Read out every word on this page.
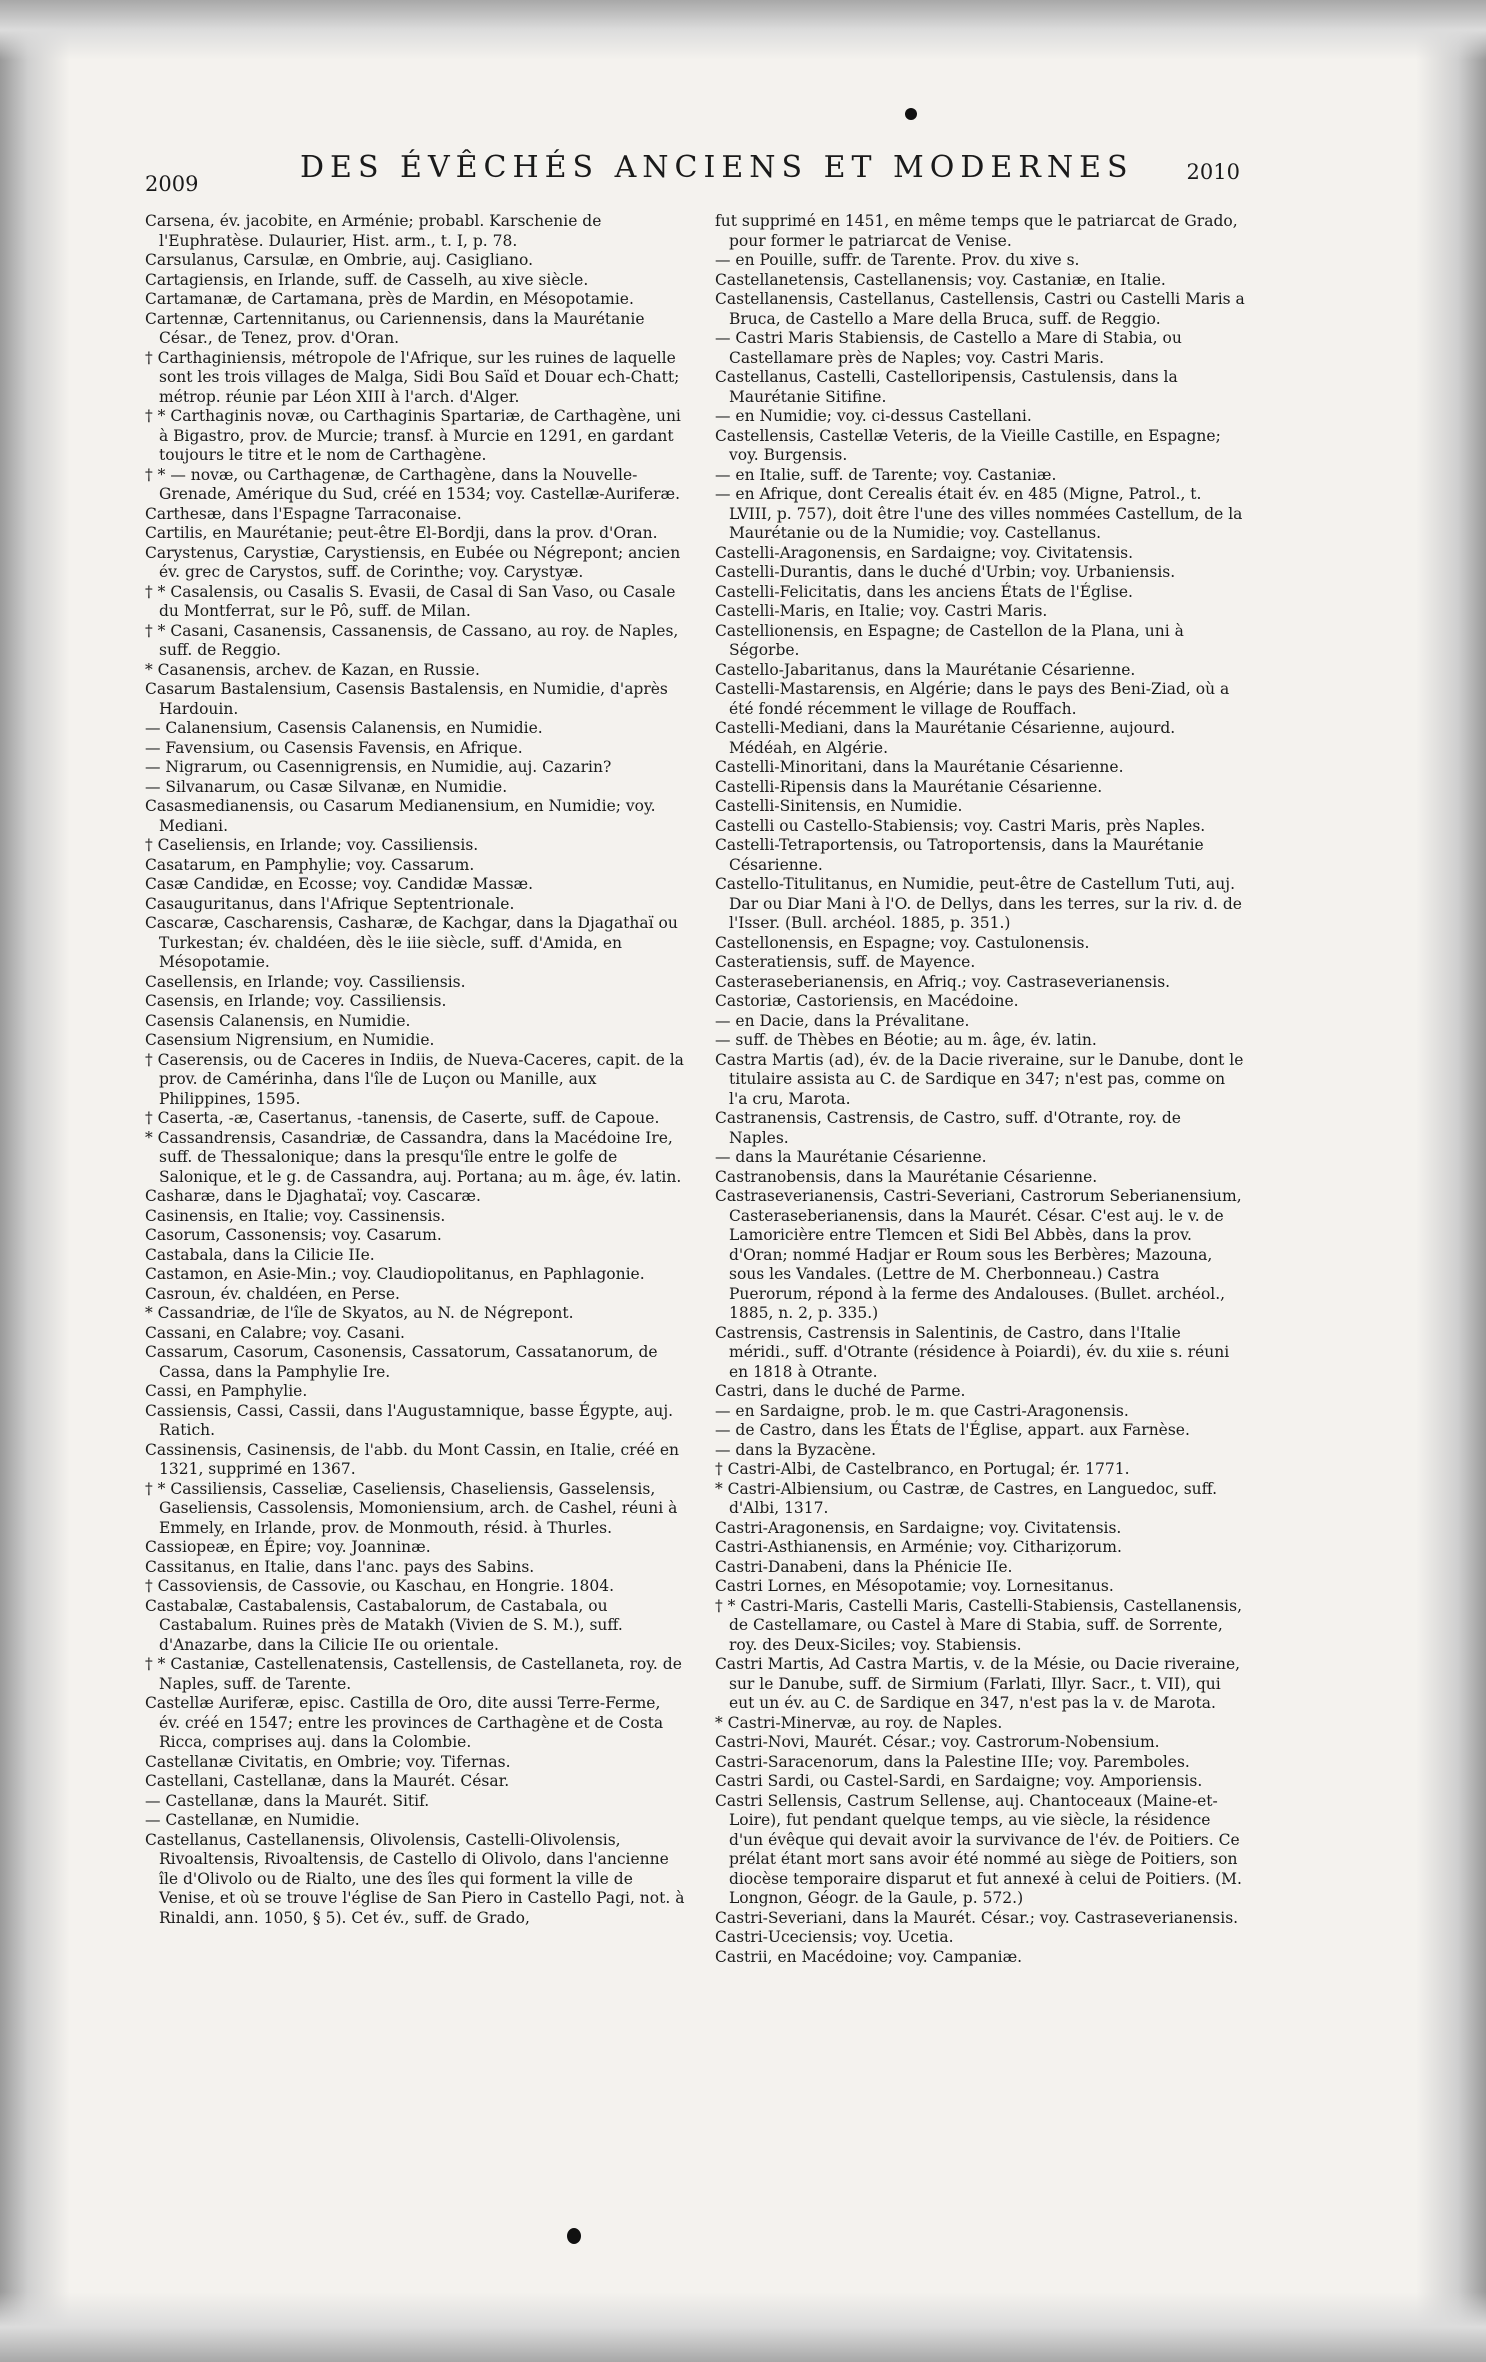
2009	DES ÉVÊCHÉS ANCIENS ET MODERNES	2010

Carsena, év. jacobite, en Arménie; probabl. Karschenie de l'Euphratèse. Dulaurier, Hist. arm., t. I, p. 78.

Carsulanus, Carsulæ, en Ombrie, auj. Casigliano.

Cartagiensis, en Irlande, suff. de Casselh, au xive siècle.

Cartamanæ, de Cartamana, près de Mardin, en Mésopotamie.

Cartennæ, Cartennitanus, ou Cariennensis, dans la Maurétanie César., de Tenez, prov. d'Oran.

† Carthaginiensis, métropole de l'Afrique, sur les ruines de laquelle sont les trois villages de Malga, Sidi Bou Saïd et Douar ech-Chatt; métrop. réunie par Léon XIII à l'arch. d'Alger.

† * Carthaginis novæ, ou Carthaginis Spartariæ, de Carthagène, uni à Bigastro, prov. de Murcie; transf. à Murcie en 1291, en gardant toujours le titre et le nom de Carthagène.

† * — novæ, ou Carthagenæ, de Carthagène, dans la Nouvelle-Grenade, Amérique du Sud, créé en 1534; voy. Castellæ-Auriferæ.

Carthesæ, dans l'Espagne Tarraconaise.

Cartilis, en Maurétanie; peut-être El-Bordji, dans la prov. d'Oran.

Carystenus, Carystiæ, Carystiensis, en Eubée ou Négrepont; ancien év. grec de Carystos, suff. de Corinthe; voy. Carystyæ.

† * Casalensis, ou Casalis S. Evasii, de Casal di San Vaso, ou Casale du Montferrat, sur le Pô, suff. de Milan.

† * Casani, Casanensis, Cassanensis, de Cassano, au roy. de Naples, suff. de Reggio.

* Casanensis, archev. de Kazan, en Russie.

Casarum Bastalensium, Casensis Bastalensis, en Numidie, d'après Hardouin.

— Calanensium, Casensis Calanensis, en Numidie.

— Favensium, ou Casensis Favensis, en Afrique.

— Nigrarum, ou Casennigrensis, en Numidie, auj. Cazarin?

— Silvanarum, ou Casæ Silvanæ, en Numidie.

Casasmedianensis, ou Casarum Medianensium, en Numidie; voy. Mediani.

† Caseliensis, en Irlande; voy. Cassiliensis.

Casatarum, en Pamphylie; voy. Cassarum.

Casæ Candidæ, en Ecosse; voy. Candidæ Massæ.

Casauguritanus, dans l'Afrique Septentrionale.

Cascaræ, Cascharensis, Casharæ, de Kachgar, dans la Djagathaï ou Turkestan; év. chaldéen, dès le iiie siècle, suff. d'Amida, en Mésopotamie.

Casellensis, en Irlande; voy. Cassiliensis.

Casensis, en Irlande; voy. Cassiliensis.

Casensis Calanensis, en Numidie.

Casensium Nigrensium, en Numidie.

† Caserensis, ou de Caceres in Indiis, de Nueva-Caceres, capit. de la prov. de Camérinha, dans l'île de Luçon ou Manille, aux Philippines, 1595.

† Caserta, -æ, Casertanus, -tanensis, de Caserte, suff. de Capoue.

* Cassandrensis, Casandriæ, de Cassandra, dans la Macédoine Ire, suff. de Thessalonique; dans la presqu'île entre le golfe de Salonique, et le g. de Cassandra, auj. Portana; au m. âge, év. latin.

Casharæ, dans le Djaghataï; voy. Cascaræ.

Casinensis, en Italie; voy. Cassinensis.

Casorum, Cassonensis; voy. Casarum.

Castabala, dans la Cilicie IIe.

Castamon, en Asie-Min.; voy. Claudiopolitanus, en Paphlagonie.

Casroun, év. chaldéen, en Perse.

* Cassandriæ, de l'île de Skyatos, au N. de Négrepont.

Cassani, en Calabre; voy. Casani.

Cassarum, Casorum, Casonensis, Cassatorum, Cassatanorum, de Cassa, dans la Pamphylie Ire.

Cassi, en Pamphylie.

Cassiensis, Cassi, Cassii, dans l'Augustamnique, basse Égypte, auj. Ratich.

Cassinensis, Casinensis, de l'abb. du Mont Cassin, en Italie, créé en 1321, supprimé en 1367.

† * Cassiliensis, Casseliæ, Caseliensis, Chaseliensis, Gasselensis, Gaseliensis, Cassolensis, Momoniensium, arch. de Cashel, réuni à Emmely, en Irlande, prov. de Monmouth, résid. à Thurles.

Cassiopeæ, en Épire; voy. Joanninæ.

Cassitanus, en Italie, dans l'anc. pays des Sabins.

† Cassoviensis, de Cassovie, ou Kaschau, en Hongrie. 1804.

Castabalæ, Castabalensis, Castabalorum, de Castabala, ou Castabalum. Ruines près de Matakh (Vivien de S. M.), suff. d'Anazarbe, dans la Cilicie IIe ou orientale.

† * Castaniæ, Castellenatensis, Castellensis, de Castellaneta, roy. de Naples, suff. de Tarente.

Castellæ Auriferæ, episc. Castilla de Oro, dite aussi Terre-Ferme, év. créé en 1547; entre les provinces de Carthagène et de Costa Ricca, comprises auj. dans la Colombie.

Castellanæ Civitatis, en Ombrie; voy. Tifernas.

Castellani, Castellanæ, dans la Maurét. César.

— Castellanæ, dans la Maurét. Sitif.

— Castellanæ, en Numidie.

Castellanus, Castellanensis, Olivolensis, Castelli-Olivolensis, Rivoaltensis, Rivoaltensis, de Castello di Olivolo, dans l'ancienne île d'Olivolo ou de Rialto, une des îles qui forment la ville de Venise, et où se trouve l'église de San Piero in Castello Pagi, not. à Rinaldi, ann. 1050, § 5). Cet év., suff. de Grado,

fut supprimé en 1451, en même temps que le patriarcat de Grado, pour former le patriarcat de Venise.

— en Pouille, suffr. de Tarente. Prov. du xive s.

Castellanetensis, Castellanensis; voy. Castaniæ, en Italie.

Castellanensis, Castellanus, Castellensis, Castri ou Castelli Maris a Bruca, de Castello a Mare della Bruca, suff. de Reggio.

— Castri Maris Stabiensis, de Castello a Mare di Stabia, ou Castellamare près de Naples; voy. Castri Maris.

Castellanus, Castelli, Castelloripensis, Castulensis, dans la Maurétanie Sitifine.

— en Numidie; voy. ci-dessus Castellani.

Castellensis, Castellæ Veteris, de la Vieille Castille, en Espagne; voy. Burgensis.

— en Italie, suff. de Tarente; voy. Castaniæ.

— en Afrique, dont Cerealis était év. en 485 (Migne, Patrol., t. LVIII, p. 757), doit être l'une des villes nommées Castellum, de la Maurétanie ou de la Numidie; voy. Castellanus.

Castelli-Aragonensis, en Sardaigne; voy. Civitatensis.

Castelli-Durantis, dans le duché d'Urbin; voy. Urbaniensis.

Castelli-Felicitatis, dans les anciens États de l'Église.

Castelli-Maris, en Italie; voy. Castri Maris.

Castellionensis, en Espagne; de Castellon de la Plana, uni à Ségorbe.

Castello-Jabaritanus, dans la Maurétanie Césarienne.

Castelli-Mastarensis, en Algérie; dans le pays des Beni-Ziad, où a été fondé récemment le village de Rouffach.

Castelli-Mediani, dans la Maurétanie Césarienne, aujourd. Médéah, en Algérie.

Castelli-Minoritani, dans la Maurétanie Césarienne.

Castelli-Ripensis dans la Maurétanie Césarienne.

Castelli-Sinitensis, en Numidie.

Castelli ou Castello-Stabiensis; voy. Castri Maris, près Naples.

Castelli-Tetraportensis, ou Tatroportensis, dans la Maurétanie Césarienne.

Castello-Titulitanus, en Numidie, peut-être de Castellum Tuti, auj. Dar ou Diar Mani à l'O. de Dellys, dans les terres, sur la riv. d. de l'Isser. (Bull. archéol. 1885, p. 351.)

Castellonensis, en Espagne; voy. Castulonensis.

Casteratiensis, suff. de Mayence.

Casteraseberianensis, en Afriq.; voy. Castraseverianensis.

Castoriæ, Castoriensis, en Macédoine.

— en Dacie, dans la Prévalitane.

— suff. de Thèbes en Béotie; au m. âge, év. latin.

Castra Martis (ad), év. de la Dacie riveraine, sur le Danube, dont le titulaire assista au C. de Sardique en 347; n'est pas, comme on l'a cru, Marota.

Castranensis, Castrensis, de Castro, suff. d'Otrante, roy. de Naples.

— dans la Maurétanie Césarienne.

Castranobensis, dans la Maurétanie Césarienne.

Castraseverianensis, Castri-Severiani, Castrorum Seberianensium, Casteraseberianensis, dans la Maurét. César. C'est auj. le v. de Lamoricière entre Tlemcen et Sidi Bel Abbès, dans la prov. d'Oran; nommé Hadjar er Roum sous les Berbères; Mazouna, sous les Vandales. (Lettre de M. Cherbonneau.) Castra Puerorum, répond à la ferme des Andalouses. (Bullet. archéol., 1885, n. 2, p. 335.)

Castrensis, Castrensis in Salentinis, de Castro, dans l'Italie méridi., suff. d'Otrante (résidence à Poiardi), év. du xiie s. réuni en 1818 à Otrante.

Castri, dans le duché de Parme.

— en Sardaigne, prob. le m. que Castri-Aragonensis.

— de Castro, dans les États de l'Église, appart. aux Farnèse.

— dans la Byzacène.

† Castri-Albi, de Castelbranco, en Portugal; ér. 1771.

* Castri-Albiensium, ou Castræ, de Castres, en Languedoc, suff. d'Albi, 1317.

Castri-Aragonensis, en Sardaigne; voy. Civitatensis.

Castri-Asthianensis, en Arménie; voy. Cithariẓorum.

Castri-Danabeni, dans la Phénicie IIe.

Castri Lornes, en Mésopotamie; voy. Lornesitanus.

† * Castri-Maris, Castelli Maris, Castelli-Stabiensis, Castellanensis, de Castellamare, ou Castel à Mare di Stabia, suff. de Sorrente, roy. des Deux-Siciles; voy. Stabiensis.

Castri Martis, Ad Castra Martis, v. de la Mésie, ou Dacie riveraine, sur le Danube, suff. de Sirmium (Farlati, Illyr. Sacr., t. VII), qui eut un év. au C. de Sardique en 347, n'est pas la v. de Marota.

* Castri-Minervæ, au roy. de Naples.

Castri-Novi, Maurét. César.; voy. Castrorum-Nobensium.

Castri-Saracenorum, dans la Palestine IIIe; voy. Paremboles.

Castri Sardi, ou Castel-Sardi, en Sardaigne; voy. Amporiensis.

Castri Sellensis, Castrum Sellense, auj. Chantoceaux (Maine-et-Loire), fut pendant quelque temps, au vie siècle, la résidence d'un évêque qui devait avoir la survivance de l'év. de Poitiers. Ce prélat étant mort sans avoir été nommé au siège de Poitiers, son diocèse temporaire disparut et fut annexé à celui de Poitiers. (M. Longnon, Géogr. de la Gaule, p. 572.)

Castri-Severiani, dans la Maurét. César.; voy. Castraseverianensis.

Castri-Uceciensis; voy. Ucetia.

Castrii, en Macédoine; voy. Campaniæ.
